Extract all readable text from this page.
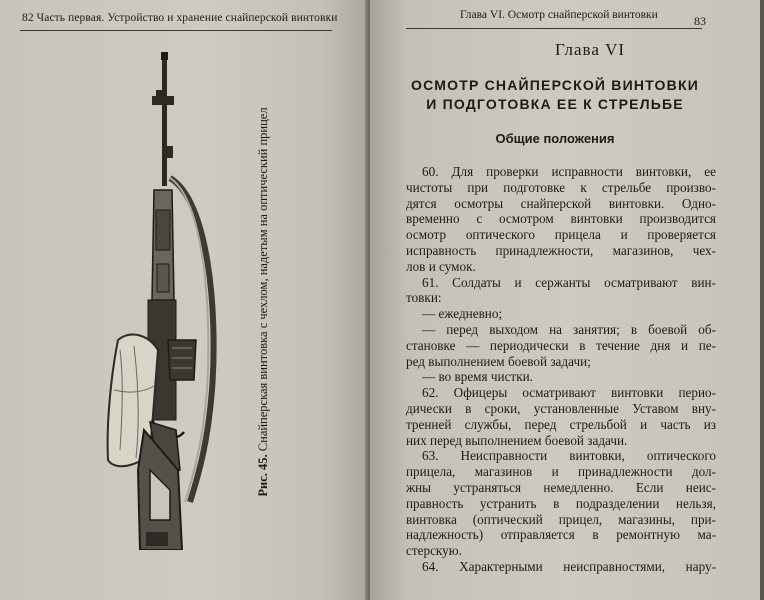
82 Часть первая. Устройство и хранение снайперской винтовки
Рис. 45. Снайперская винтовка с чехлом, надетым на оптический прицел
Глава VI. Осмотр снайперской винтовки	83
Глава VI
ОСМОТР СНАЙПЕРСКОЙ ВИНТОВКИ
И ПОДГОТОВКА ЕЕ К СТРЕЛЬБЕ
Общие положения
60. Для проверки исправности винтовки, ее
чистоты при подготовке к стрельбе произво-
дятся осмотры снайперской винтовки. Одно-
временно с осмотром винтовки производится
осмотр оптического прицела и проверяется
исправность принадлежности, магазинов, чех-
лов и сумок.
61. Солдаты и сержанты осматривают вин-
товки:
— ежедневно;
— перед выходом на занятия; в боевой об-
становке — периодически в течение дня и пе-
ред выполнением боевой задачи;
— во время чистки.
62. Офицеры осматривают винтовки перио-
дически в сроки, установленные Уставом вну-
тренней службы, перед стрельбой и часть из
них перед выполнением боевой задачи.
63. Неисправности винтовки, оптического
прицела, магазинов и принадлежности дол-
жны устраняться немедленно. Если неис-
правность устранить в подразделении нельзя,
винтовка (оптический прицел, магазины, при-
надлежность) отправляется в ремонтную ма-
стерскую.
64. Характерными неисправностями, нару-
